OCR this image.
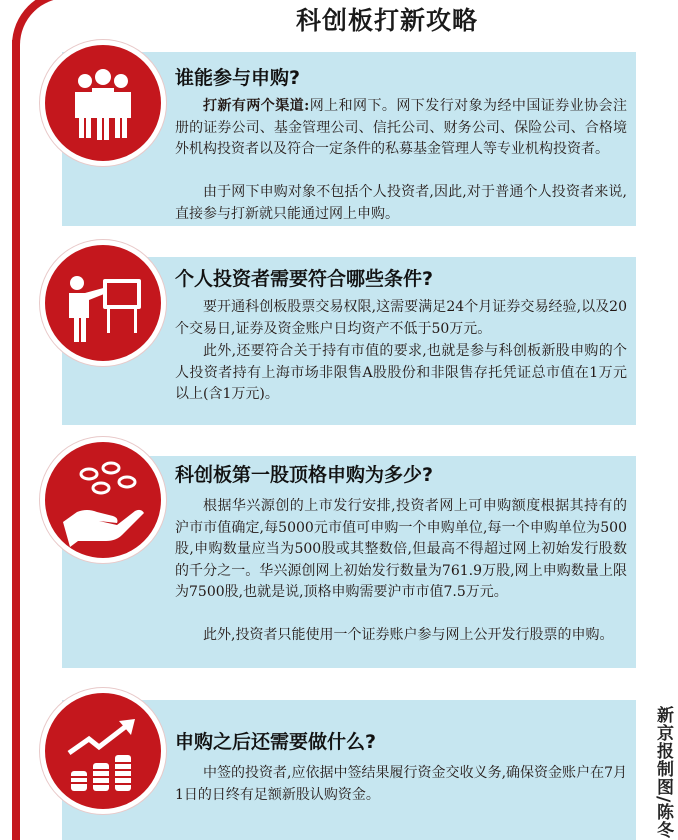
科创板打新攻略
谁能参与申购?
打新有两个渠道:网上和网下。网下发行对象为经中国证券业协会注册的证券公司、基金管理公司、信托公司、财务公司、保险公司、合格境外机构投资者以及符合一定条件的私募基金管理人等专业机构投资者。
由于网下申购对象不包括个人投资者,因此,对于普通个人投资者来说,直接参与打新就只能通过网上申购。
个人投资者需要符合哪些条件?
要开通科创板股票交易权限,这需要满足24个月证券交易经验,以及20个交易日,证券及资金账户日均资产不低于50万元。
此外,还要符合关于持有市值的要求,也就是参与科创板新股申购的个人投资者持有上海市场非限售A股股份和非限售存托凭证总市值在1万元以上(含1万元)。
科创板第一股顶格申购为多少?
根据华兴源创的上市发行安排,投资者网上可申购额度根据其持有的沪市市值确定,每5000元市值可申购一个申购单位,每一个申购单位为500股,申购数量应当为500股或其整数倍,但最高不得超过网上初始发行股数的千分之一。华兴源创网上初始发行数量为761.9万股,网上申购数量上限为7500股,也就是说,顶格申购需要沪市市值7.5万元。
此外,投资者只能使用一个证券账户参与网上公开发行股票的申购。
申购之后还需要做什么?
中签的投资者,应依据中签结果履行资金交收义务,确保资金账户在7月1日的日终有足额新股认购资金。	新京报制图/陈冬
